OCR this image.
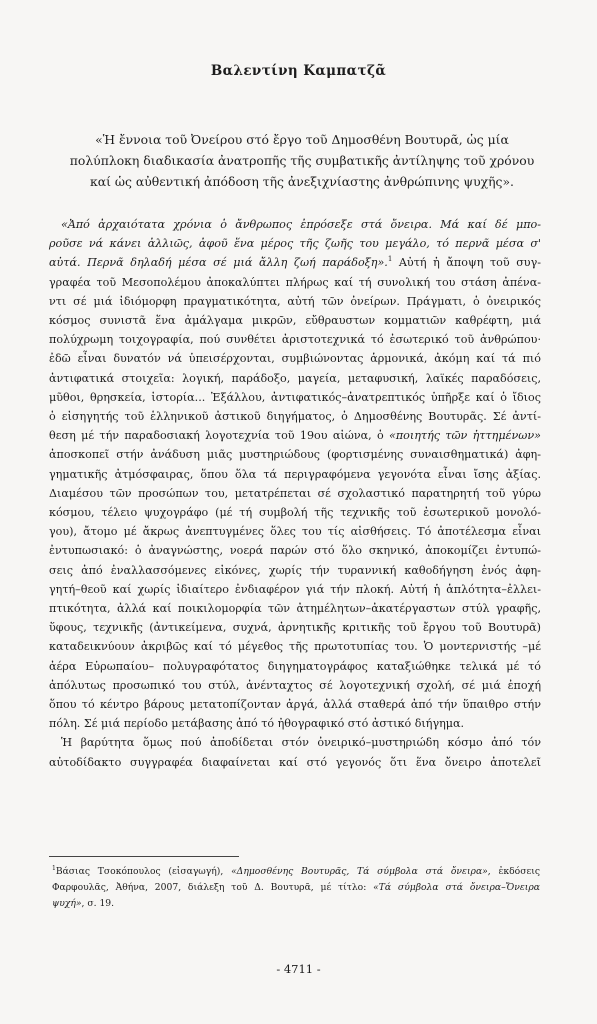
Βαλεντίνη Καμπατζᾶ
«Ἡ ἔννοια τοῦ Ὀνείρου στό ἔργο τοῦ Δημοσθένη Βουτυρᾶ, ὡς μία
πολύπλοκη διαδικασία ἀνατροπῆς τῆς συμβατικῆς ἀντίληψης τοῦ χρόνου
καί ὡς αὐθεντική ἀπόδοση τῆς ἀνεξιχνίαστης ἀνθρώπινης ψυχῆς».
«Ἀπό ἀρχαιότατα χρόνια ὁ ἄνθρωπος ἐπρόσεξε στά ὄνειρα. Μά καί δέ μπο-
ροῦσε νά κάνει ἀλλιῶς, ἀφοῦ ἕνα μέρος τῆς ζωῆς του μεγάλο, τό περνᾶ μέσα σ'
αὐτά. Περνᾶ δηλαδή μέσα σέ μιά ἄλλη ζωή παράδοξη».$^1$ Αὐτή ἡ ἄποψη τοῦ συγ-
γραφέα τοῦ Μεσοπολέμου ἀποκαλύπτει πλήρως καί τή συνολική του στάση ἀπένα-
ντι σέ μιά ἰδιόμορφη πραγματικότητα, αὐτή τῶν ὀνείρων. Πράγματι, ὁ ὀνειρικός
κόσμος συνιστᾶ ἕνα ἀμάλγαμα μικρῶν, εὔθραυστων κομματιῶν καθρέφτη, μιά
πολύχρωμη τοιχογραφία, πού συνθέτει ἀριστοτεχνικά τό ἐσωτερικό τοῦ ἀνθρώπου·
ἐδῶ εἶναι δυνατόν νά ὑπεισέρχονται, συμβιώνοντας ἁρμονικά, ἀκόμη καί τά πιό
ἀντιφατικά στοιχεῖα: λογική, παράδοξο, μαγεία, μεταφυσική, λαϊκές παραδόσεις,
μῦθοι, θρησκεία, ἱστορία... Ἐξάλλου, ἀντιφατικός–ἀνατρεπτικός ὑπῆρξε καί ὁ ἴδιος
ὁ εἰσηγητής τοῦ ἑλληνικοῦ ἀστικοῦ διηγήματος, ὁ Δημοσθένης Βουτυρᾶς. Σέ ἀντί-
θεση μέ τήν παραδοσιακή λογοτεχνία τοῦ 19ου αἰώνα, ὁ «ποιητής τῶν ἡττημένων»
ἀποσκοπεῖ στήν ἀνάδυση μιᾶς μυστηριώδους (φορτισμένης συναισθηματικά) ἀφη-
γηματικῆς ἀτμόσφαιρας, ὅπου ὅλα τά περιγραφόμενα γεγονότα εἶναι ἴσης ἀξίας.
Διαμέσου τῶν προσώπων του, μετατρέπεται σέ σχολαστικό παρατηρητή τοῦ γύρω
κόσμου, τέλειο ψυχογράφο (μέ τή συμβολή τῆς τεχνικῆς τοῦ ἐσωτερικοῦ μονολό-
γου), ἄτομο μέ ἄκρως ἀνεπτυγμένες ὅλες του τίς αἰσθήσεις. Τό ἀποτέλεσμα εἶναι
ἐντυπωσιακό: ὁ ἀναγνώστης, νοερά παρών στό ὅλο σκηνικό, ἀποκομίζει ἐντυπώ-
σεις ἀπό ἐναλλασσόμενες εἰκόνες, χωρίς τήν τυραννική καθοδήγηση ἑνός ἀφη-
γητή–θεοῦ καί χωρίς ἰδιαίτερο ἐνδιαφέρον γιά τήν πλοκή. Αὐτή ἡ ἁπλότητα–ἐλλει-
πτικότητα, ἀλλά καί ποικιλομορφία τῶν ἀτημέλητων–ἀκατέργαστων στύλ γραφῆς,
ὕφους, τεχνικῆς (ἀντικείμενα, συχνά, ἀρνητικῆς κριτικῆς τοῦ ἔργου τοῦ Βουτυρᾶ)
καταδεικνύουν ἀκριβῶς καί τό μέγεθος τῆς πρωτοτυπίας του. Ὁ μοντερνιστής –μέ
ἀέρα Εὐρωπαίου– πολυγραφότατος διηγηματογράφος καταξιώθηκε τελικά μέ τό
ἀπόλυτως προσωπικό του στύλ, ἀνένταχτος σέ λογοτεχνική σχολή, σέ μιά ἐποχή
ὅπου τό κέντρο βάρους μετατοπίζονταν ἀργά, ἀλλά σταθερά ἀπό τήν ὕπαιθρο στήν
πόλη. Σέ μιά περίοδο μετάβασης ἀπό τό ἠθογραφικό στό ἀστικό διήγημα.
Ἡ βαρύτητα ὅμως πού ἀποδίδεται στόν ὀνειρικό–μυστηριώδη κόσμο ἀπό τόν
αὐτοδίδακτο συγγραφέα διαφαίνεται καί στό γεγονός ὅτι ἕνα ὄνειρο ἀποτελεῖ
$^1$Βάσιας Τσοκόπουλος (εἰσαγωγή), «Δημοσθένης Βουτυρᾶς, Τά σύμβολα στά ὄνειρα», ἐκδόσεις
Φαρφουλᾶς, Ἀθήνα, 2007, διάλεξη τοῦ Δ. Βουτυρᾶ, μέ τίτλο: «Τά σύμβολα στά ὄνειρα–Ὄνειρα
ψυχή», σ. 19.
- 4711 -
